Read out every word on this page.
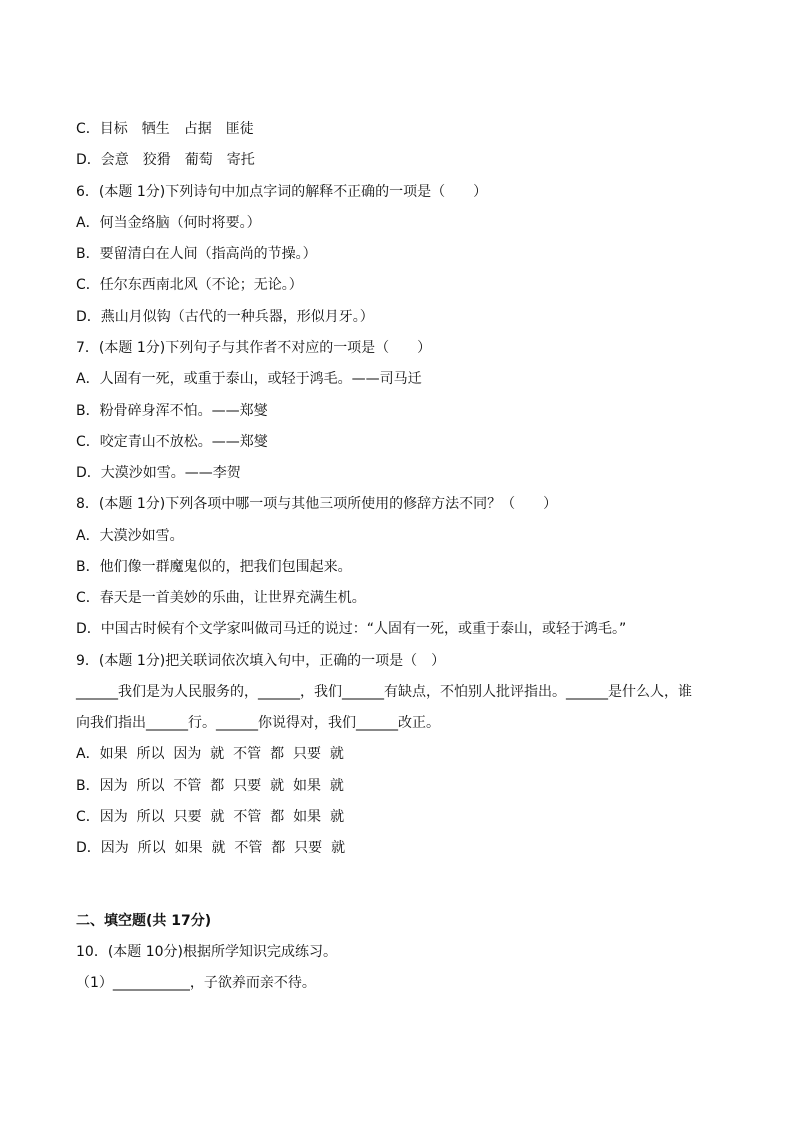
C．目标　牺生　占据　匪徒
D．会意　狡猾　葡萄　寄托
6．(本题 1分)下列诗句中加点字词的解释不正确的一项是（　　）
A．何当金络脑（何时将要。）
B．要留清白在人间（指高尚的节操。）
C．任尔东西南北风（不论；无论。）
D．燕山月似钩（古代的一种兵器，形似月牙。）
7．(本题 1分)下列句子与其作者不对应的一项是（　　）
A．人固有一死，或重于泰山，或轻于鸿毛。——司马迁
B．粉骨碎身浑不怕。——郑燮
C．咬定青山不放松。——郑燮
D．大漠沙如雪。——李贺
8．(本题 1分)下列各项中哪一项与其他三项所使用的修辞方法不同？（　　）
A．大漠沙如雪。
B．他们像一群魔鬼似的，把我们包围起来。
C．春天是一首美妙的乐曲，让世界充满生机。
D．中国古时候有个文学家叫做司马迁的说过：“人固有一死，或重于泰山，或轻于鸿毛。”
9．(本题 1分)把关联词依次填入句中，正确的一项是（　）
______我们是为人民服务的，______，我们______有缺点，不怕别人批评指出。______是什么人，谁
向我们指出______行。______你说得对，我们______改正。
A．如果  所以  因为  就  不管  都  只要  就
B．因为  所以  不管  都  只要  就  如果  就
C．因为  所以  只要  就  不管  都  如果  就
D．因为  所以  如果  就  不管  都  只要  就
二、填空题(共 17分)
10．(本题 10分)根据所学知识完成练习。
（1）___________，子欲养而亲不待。
